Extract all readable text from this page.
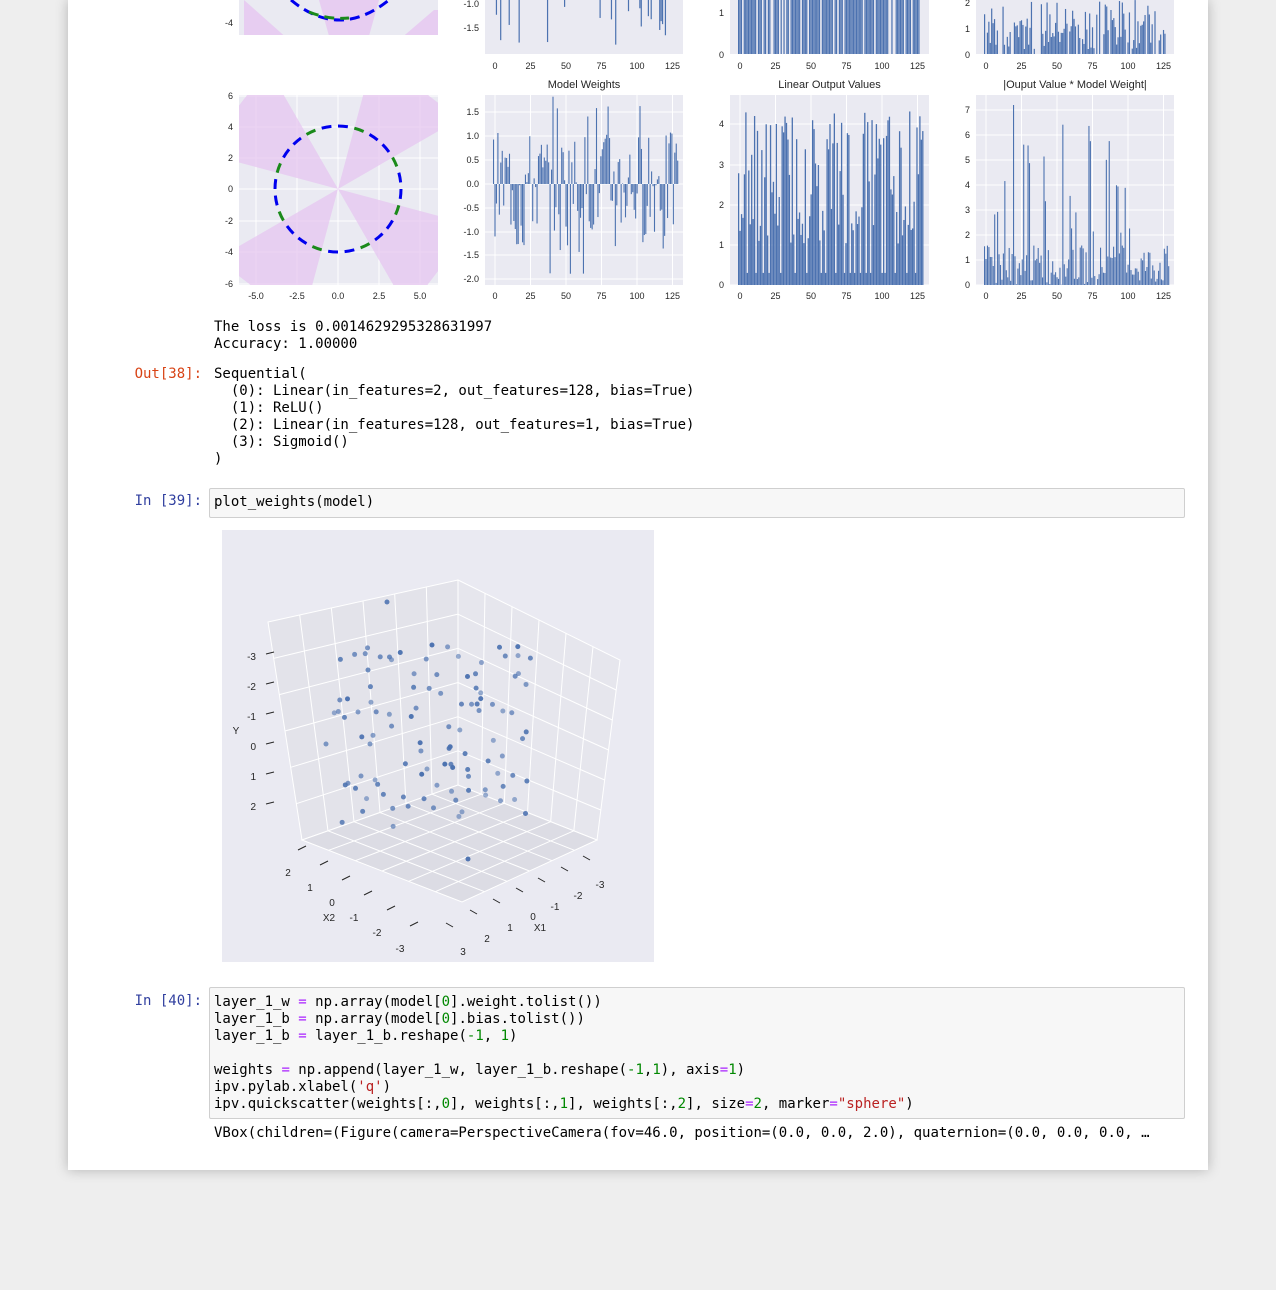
-4
-1.0
-1.5
0	25	50	75	100 125
1
0
0	25	50	75	100 125
2
1
0
0	25	50	75	100 125
Model Weights	Linear Output Values	|Ouput Value * Model Weight|
6
4
2
0
-2
-4
-6
-5.0	-2.5	0.0	2.5	5.0
1.5
1.0
0.5
0.0
-0.5
-1.0
-1.5
-2.0
0	25	50	75	100 125
4
3
2
1
0
0	25	50	75	100 125
7
6
5
4
3
2
1
0
0	25	50	75	100 125
The loss is 0.0014629295328631997
Accuracy: 1.00000
Out[38]: Sequential(
(0): Linear(in_features=2, out_features=128, bias=True)
(1): ReLU()
(2): Linear(in_features=128, out_features=1, bias=True)
(3): Sigmoid()
)
In [39]: plot_weights(model)
-3
-2
-1
0
1
2
Y
2
1
0
-1
-2
-3
X2
-3
-2
-1
0
1
2
3
X1
In [40]: layer_1_w = np.array(model[0].weight.tolist())
layer_1_b = np.array(model[0].bias.tolist())
layer_1_b = layer_1_b.reshape(-1, 1)
weights = np.append(layer_1_w, layer_1_b.reshape(-1,1), axis=1)
ipv.pylab.xlabel('q')
ipv.quickscatter(weights[:,0], weights[:,1], weights[:,2], size=2, marker="sphere")
VBox(children=(Figure(camera=PerspectiveCamera(fov=46.0, position=(0.0, 0.0, 2.0), quaternion=(0.0, 0.0, 0.0, …
